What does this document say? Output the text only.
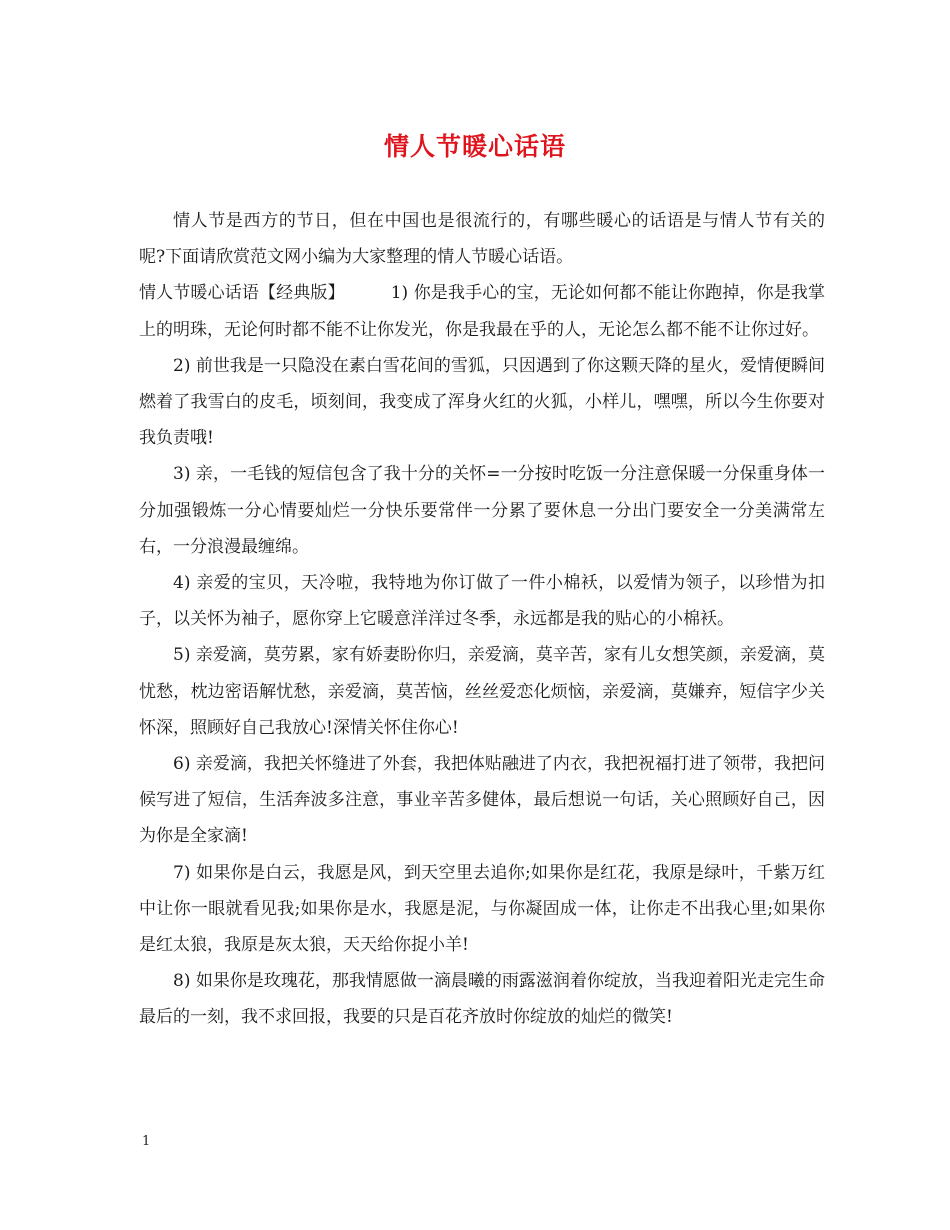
情人节暖心话语

情人节是西方的节日，但在中国也是很流行的，有哪些暖心的话语是与情人节有关的呢?下面请欣赏范文网小编为大家整理的情人节暖心话语。

情人节暖心话语【经典版】	1) 你是我手心的宝，无论如何都不能让你跑掉，你是我掌上的明珠，无论何时都不能不让你发光，你是我最在乎的人，无论怎么都不能不让你过好。

2) 前世我是一只隐没在素白雪花间的雪狐，只因遇到了你这颗天降的星火，爱情便瞬间燃着了我雪白的皮毛，顷刻间，我变成了浑身火红的火狐，小样儿，嘿嘿，所以今生你要对我负责哦!

3) 亲，一毛钱的短信包含了我十分的关怀=一分按时吃饭一分注意保暖一分保重身体一分加强锻炼一分心情要灿烂一分快乐要常伴一分累了要休息一分出门要安全一分美满常左右，一分浪漫最缠绵。

4) 亲爱的宝贝，天冷啦，我特地为你订做了一件小棉袄，以爱情为领子，以珍惜为扣子，以关怀为袖子，愿你穿上它暖意洋洋过冬季，永远都是我的贴心的小棉袄。

5) 亲爱滴，莫劳累，家有娇妻盼你归，亲爱滴，莫辛苦，家有儿女想笑颜，亲爱滴，莫忧愁，枕边密语解忧愁，亲爱滴，莫苦恼，丝丝爱恋化烦恼，亲爱滴，莫嫌弃，短信字少关怀深，照顾好自己我放心!深情关怀住你心!

6) 亲爱滴，我把关怀缝进了外套，我把体贴融进了内衣，我把祝福打进了领带，我把问候写进了短信，生活奔波多注意，事业辛苦多健体，最后想说一句话，关心照顾好自己，因为你是全家滴!

7) 如果你是白云，我愿是风，到天空里去追你;如果你是红花，我原是绿叶，千紫万红中让你一眼就看见我;如果你是水，我愿是泥，与你凝固成一体，让你走不出我心里;如果你是红太狼，我原是灰太狼，天天给你捉小羊!

8) 如果你是玫瑰花，那我情愿做一滴晨曦的雨露滋润着你绽放，当我迎着阳光走完生命最后的一刻，我不求回报，我要的只是百花齐放时你绽放的灿烂的微笑!

1
